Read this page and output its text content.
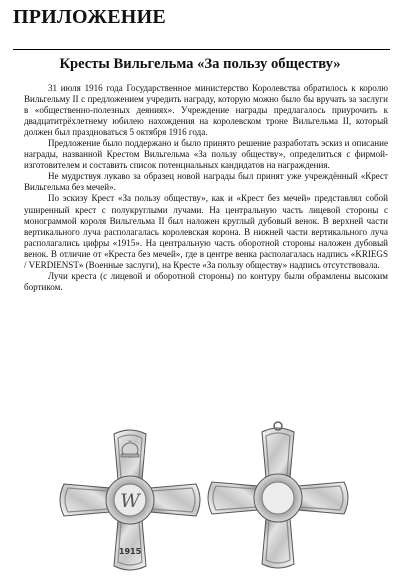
ПРИЛОЖЕНИЕ
Кресты Вильгельма «За пользу обществу»

31 июля 1916 года Государственное министерство Королевства обратилось к королю Вильгельму II с предложением учредить награду, которую можно было бы вручать за заслуги в «общественно-полезных деяниях». Учреждение награды предлагалось приурочить к двадцатитрёхлетнему юбилею нахождения на королевском троне Вильгельма II, который должен был праздноваться 5 октября 1916 года.

Предложение было поддержано и было принято решение разработать эскиз и описание награды, названной Крестом Вильгельма «За пользу обществу», определиться с фирмой-изготовителем и составить список потенциальных кандидатов на награждения.

Не мудрствуя лукаво за образец новой награды был принят уже учреждённый «Крест Вильгельма без мечей».

По эскизу Крест «За пользу обществу», как и «Крест без мечей» представлял собой уширенный крест с полукруглыми лучами. На центральную часть лицевой стороны с монограммой короля Вильгельма II был наложен круглый дубовый венок. В верхней части вертикального луча располагалась королевская корона. В нижней части вертикального луча располагались цифры «1915». На центральную часть оборотной стороны наложен дубовый венок. В отличие от «Креста без мечей», где в центре венка располагалась надпись «KRIEGS / VERDIENST» (Военные заслуги), на Кресте «За пользу обществу» надпись отсутствовала.

Лучи креста (с лицевой и оборотной стороны) по контуру были обрамлены высоким бортиком.

W
1915
